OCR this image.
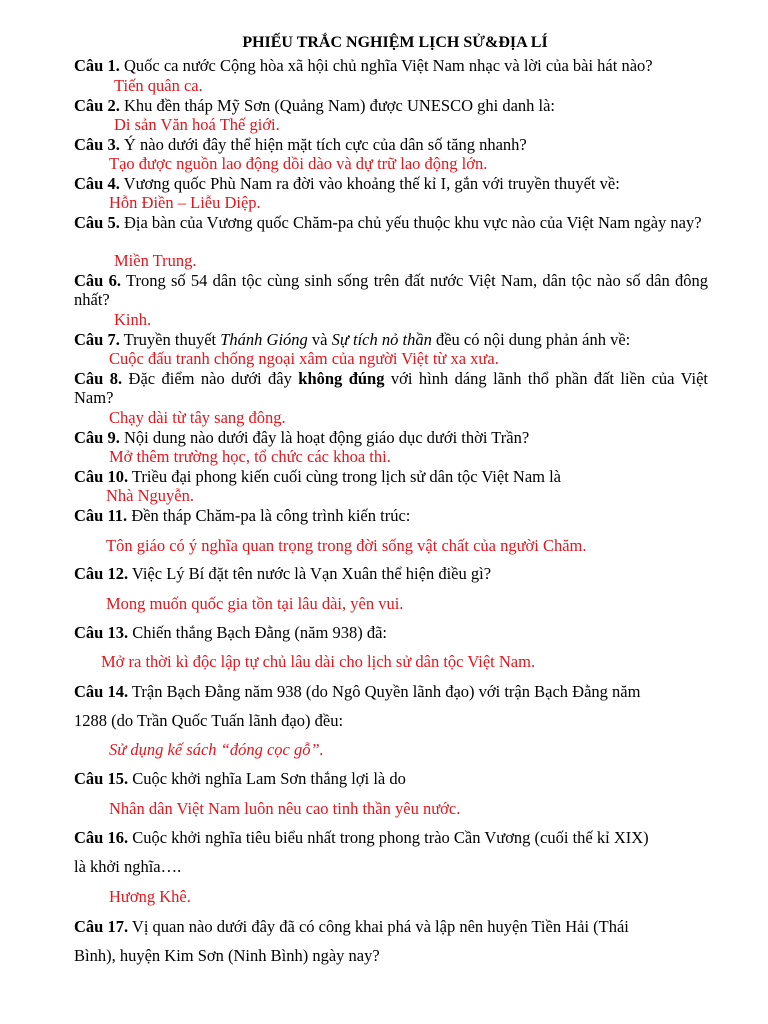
PHIẾU TRẮC NGHIỆM LỊCH SỬ&ĐỊA LÍ
Câu 1. Quốc ca nước Cộng hòa xã hội chủ nghĩa Việt Nam nhạc và lời của bài hát nào?
Tiến quân ca.
Câu 2. Khu đền tháp Mỹ Sơn (Quảng Nam) được UNESCO ghi danh là:
Di sản Văn hoá Thế giới.
Câu 3. Ý nào dưới đây thể hiện mặt tích cực của dân số tăng nhanh?
Tạo được nguồn lao động dồi dào và dự trữ lao động lớn.
Câu 4. Vương quốc Phù Nam ra đời vào khoảng thế kỉ I, gắn với truyền thuyết về:
Hỗn Điền – Liễu Diệp.
Câu 5. Địa bàn của Vương quốc Chăm-pa chủ yếu thuộc khu vực nào của Việt Nam ngày nay?
Miền Trung.
Câu 6. Trong số 54 dân tộc cùng sinh sống trên đất nước Việt Nam, dân tộc nào số dân đông nhất?
Kinh.
Câu 7. Truyền thuyết Thánh Gióng và Sự tích nỏ thần đều có nội dung phản ánh về:
Cuộc đấu tranh chống ngoại xâm của người Việt từ xa xưa.
Câu 8. Đặc điểm nào dưới đây không đúng với hình dáng lãnh thổ phần đất liền của Việt Nam?
Chạy dài từ tây sang đông.
Câu 9. Nội dung nào dưới đây là hoạt động giáo dục dưới thời Trần?
Mở thêm trường học, tổ chức các khoa thi.
Câu 10. Triều đại phong kiến cuối cùng trong lịch sử dân tộc Việt Nam là
Nhà Nguyễn.
Câu 11. Đền tháp Chăm-pa là công trình kiến trúc:
Tôn giáo có ý nghĩa quan trọng trong đời sống vật chất của người Chăm.
Câu 12. Việc Lý Bí đặt tên nước là Vạn Xuân thể hiện điều gì?
Mong muốn quốc gia tồn tại lâu dài, yên vui.
Câu 13. Chiến thắng Bạch Đằng (năm 938) đã:
Mở ra thời kì độc lập tự chủ lâu dài cho lịch sử dân tộc Việt Nam.
Câu 14. Trận Bạch Đằng năm 938 (do Ngô Quyền lãnh đạo) với trận Bạch Đằng năm
1288 (do Trần Quốc Tuấn lãnh đạo) đều:
Sử dụng kế sách “đóng cọc gỗ”.
Câu 15. Cuộc khởi nghĩa Lam Sơn thắng lợi là do
Nhân dân Việt Nam luôn nêu cao tinh thần yêu nước.
Câu 16. Cuộc khởi nghĩa tiêu biểu nhất trong phong trào Cần Vương (cuối thế kỉ XIX)
là khởi nghĩa….
Hương Khê.
Câu 17. Vị quan nào dưới đây đã có công khai phá và lập nên huyện Tiền Hải (Thái
Bình), huyện Kim Sơn (Ninh Bình) ngày nay?
